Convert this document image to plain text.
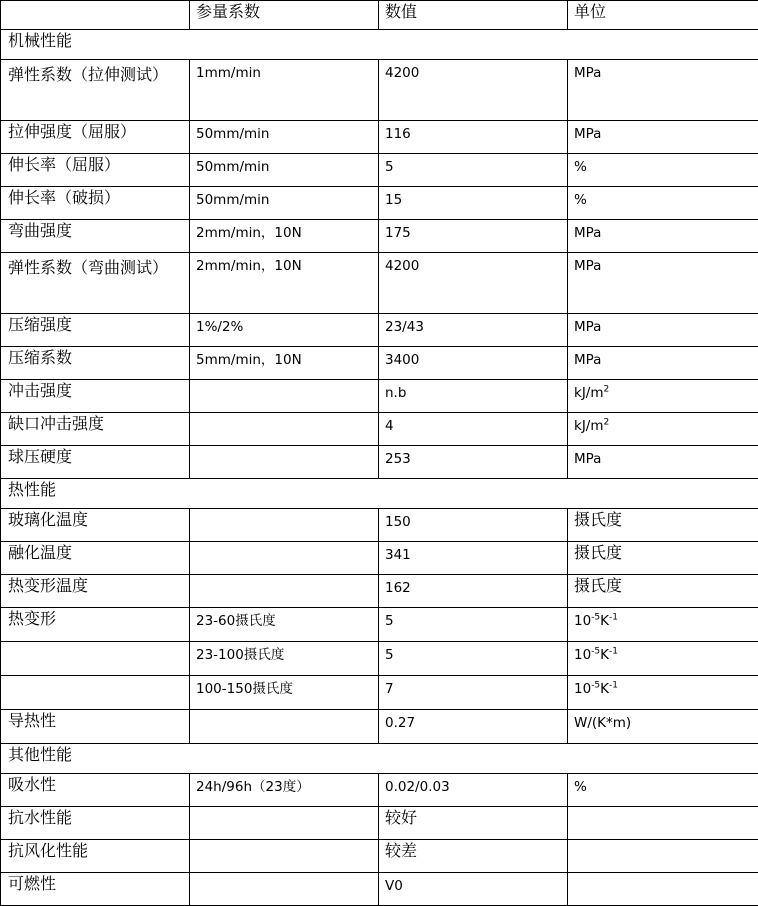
	参量系数	数值	单位
机械性能			
弹性系数（拉伸测试）	1mm/min	4200	MPa
拉伸强度（屈服）	50mm/min	116	MPa
伸长率（屈服）	50mm/min	5	%
伸长率（破损）	50mm/min	15	%
弯曲强度	2mm/min，10N	175	MPa
弹性系数（弯曲测试）	2mm/min，10N	4200	MPa
压缩强度	1%/2%	23/43	MPa
压缩系数	5mm/min，10N	3400	MPa
冲击强度		n.b	$kJ/m^2$
缺口冲击强度		4	$kJ/m^2$
球压硬度		253	MPa
热性能			
玻璃化温度		150	摄氏度
融化温度		341	摄氏度
热变形温度		162	摄氏度
热变形	23-60摄氏度	5	$10^{-5}K^{-1}$
	23-100摄氏度	5	$10^{-5}K^{-1}$
	100-150摄氏度	7	$10^{-5}K^{-1}$
导热性		0.27	W/(K*m)
其他性能			
吸水性	24h/96h（23度）	0.02/0.03	%
抗水性能		较好	
抗风化性能		较差	
可燃性		V0	
